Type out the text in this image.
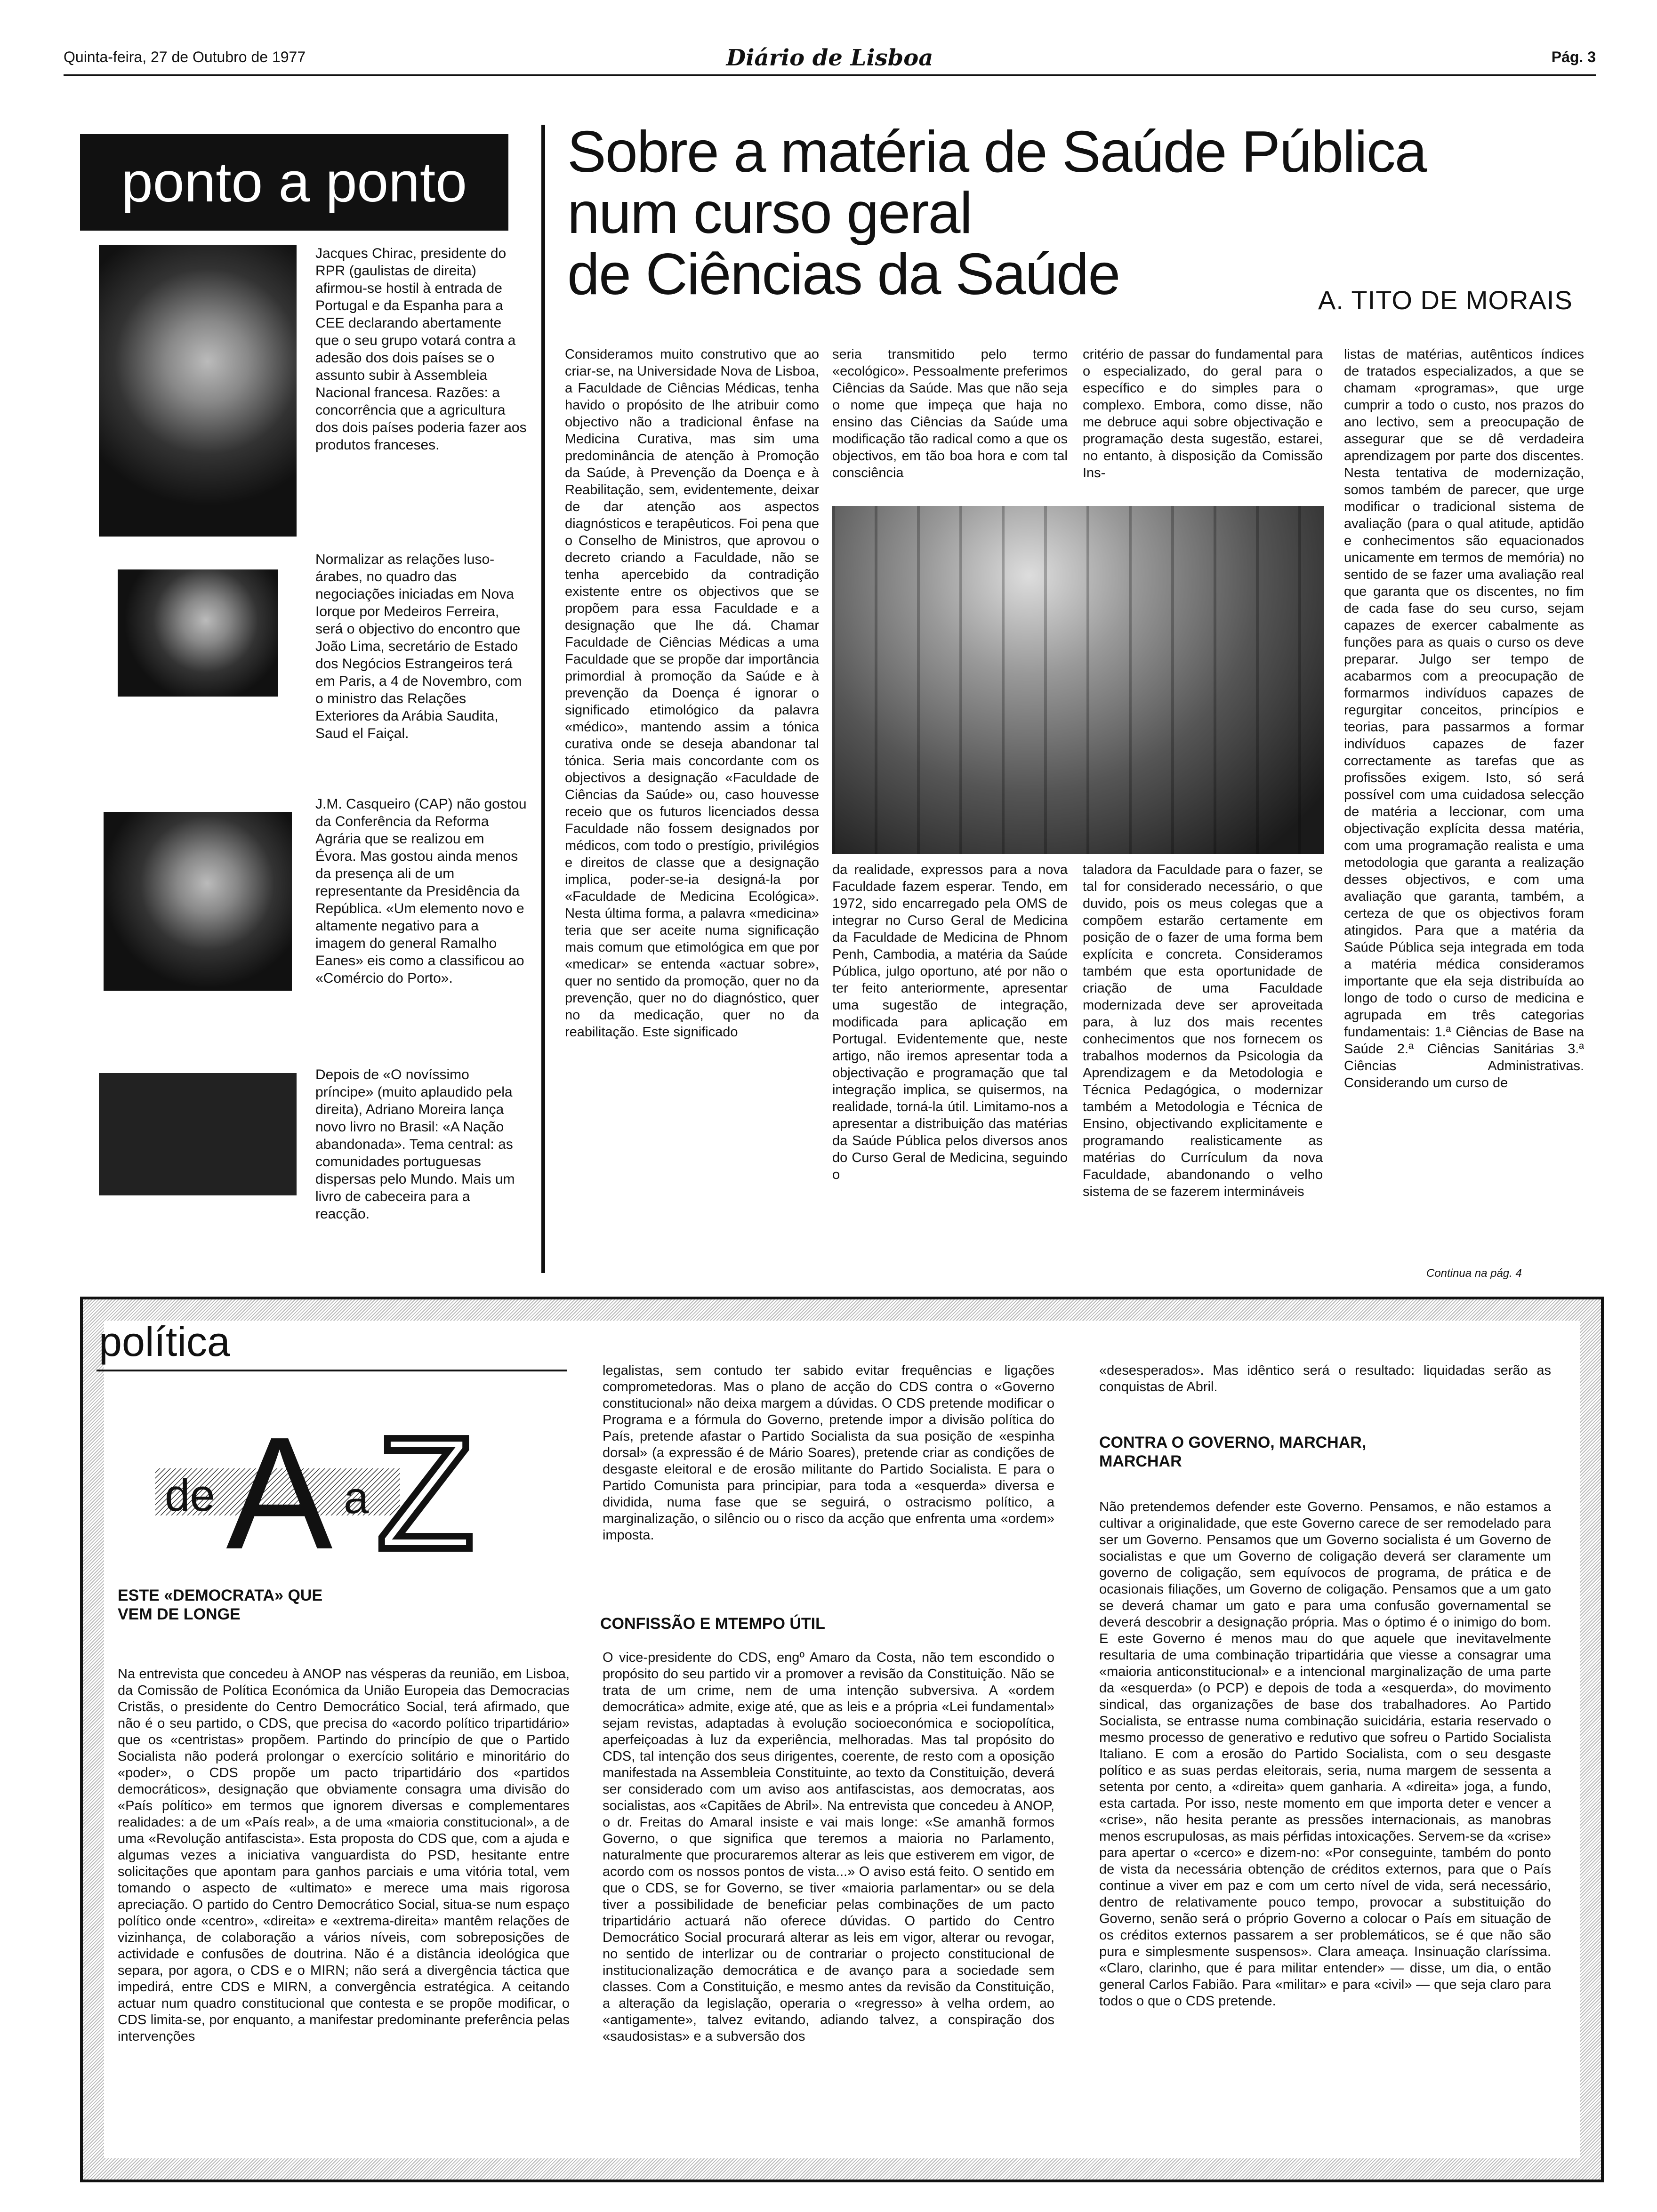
Quinta-feira, 27 de Outubro de 1977	Diário de Lisboa	Pág. 3
ponto a ponto
Jacques Chirac, presidente do RPR (gaulistas de direita) afirmou-se hostil à entrada de Portugal e da Espanha para a CEE declarando abertamente que o seu grupo votará contra a adesão dos dois países se o assunto subir à Assembleia Nacional francesa. Razões: a concorrência que a agricultura dos dois países poderia fazer aos produtos franceses.
Normalizar as relações luso-árabes, no quadro das negociações iniciadas em Nova Iorque por Medeiros Ferreira, será o objectivo do encontro que João Lima, secretário de Estado dos Negócios Estrangeiros terá em Paris, a 4 de Novembro, com o ministro das Relações Exteriores da Arábia Saudita, Saud el Faiçal.
J.M. Casqueiro (CAP) não gostou da Conferência da Reforma Agrária que se realizou em Évora. Mas gostou ainda menos da presença ali de um representante da Presidência da República. «Um elemento novo e altamente negativo para a imagem do general Ramalho Eanes» eis como a classificou ao «Comércio do Porto».
Depois de «O novíssimo príncipe» (muito aplaudido pela direita), Adriano Moreira lança novo livro no Brasil: «A Nação abandonada». Tema central: as comunidades portuguesas dispersas pelo Mundo. Mais um livro de cabeceira para a reacção.
Sobre a matéria de Saúde Pública
num curso geral
de Ciências da Saúde	A. TITO DE MORAIS
Consideramos muito construtivo que ao criar-se, na Universidade Nova de Lisboa, a Faculdade de Ciências Médicas, tenha havido o propósito de lhe atribuir como objectivo não a tradicional ênfase na Medicina Curativa, mas sim uma predominância de atenção à Promoção da Saúde, à Prevenção da Doença e à Reabilitação, sem, evidentemente, deixar de dar atenção aos aspectos diagnósticos e terapêuticos. Foi pena que o Conselho de Ministros, que aprovou o decreto criando a Faculdade, não se tenha apercebido da contradição existente entre os objectivos que se propõem para essa Faculdade e a designação que lhe dá. Chamar Faculdade de Ciências Médicas a uma Faculdade que se propõe dar importância primordial à promoção da Saúde e à prevenção da Doença é ignorar o significado etimológico da palavra «médico», mantendo assim a tónica curativa onde se deseja abandonar tal tónica. Seria mais concordante com os objectivos a designação «Faculdade de Ciências da Saúde» ou, caso houvesse receio que os futuros licenciados dessa Faculdade não fossem designados por médicos, com todo o prestígio, privilégios e direitos de classe que a designação implica, poder-se-ia designá-la por «Faculdade de Medicina Ecológica». Nesta última forma, a palavra «medicina» teria que ser aceite numa significação mais comum que etimológica em que por «medicar» se entenda «actuar sobre», quer no sentido da promoção, quer no da prevenção, quer no do diagnóstico, quer no da medicação, quer no da reabilitação. Este significado
seria transmitido pelo termo «ecológico». Pessoalmente preferimos Ciências da Saúde. Mas que não seja o nome que impeça que haja no ensino das Ciências da Saúde uma modificação tão radical como a que os objectivos, em tão boa hora e com tal consciência
critério de passar do fundamental para o especializado, do geral para o específico e do simples para o complexo. Embora, como disse, não me debruce aqui sobre objectivação e programação desta sugestão, estarei, no entanto, à disposição da Comissão Ins-
da realidade, expressos para a nova Faculdade fazem esperar. Tendo, em 1972, sido encarregado pela OMS de integrar no Curso Geral de Medicina da Faculdade de Medicina de Phnom Penh, Cambodia, a matéria da Saúde Pública, julgo oportuno, até por não o ter feito anteriormente, apresentar uma sugestão de integração, modificada para aplicação em Portugal. Evidentemente que, neste artigo, não iremos apresentar toda a objectivação e programação que tal integração implica, se quisermos, na realidade, torná-la útil. Limitamo-nos a apresentar a distribuição das matérias da Saúde Pública pelos diversos anos do Curso Geral de Medicina, seguindo o
taladora da Faculdade para o fazer, se tal for considerado necessário, o que duvido, pois os meus colegas que a compõem estarão certamente em posição de o fazer de uma forma bem explícita e concreta. Consideramos também que esta oportunidade de criação de uma Faculdade modernizada deve ser aproveitada para, à luz dos mais recentes conhecimentos que nos fornecem os trabalhos modernos da Psicologia da Aprendizagem e da Metodologia e Técnica Pedagógica, o modernizar também a Metodologia e Técnica de Ensino, objectivando explicitamente e programando realisticamente as matérias do Currículum da nova Faculdade, abandonando o velho sistema de se fazerem intermináveis
listas de matérias, autênticos índices de tratados especializados, a que se chamam «programas», que urge cumprir a todo o custo, nos prazos do ano lectivo, sem a preocupação de assegurar que se dê verdadeira aprendizagem por parte dos discentes. Nesta tentativa de modernização, somos também de parecer, que urge modificar o tradicional sistema de avaliação (para o qual atitude, aptidão e conhecimentos são equacionados unicamente em termos de memória) no sentido de se fazer uma avaliação real que garanta que os discentes, no fim de cada fase do seu curso, sejam capazes de exercer cabalmente as funções para as quais o curso os deve preparar. Julgo ser tempo de acabarmos com a preocupação de formarmos indivíduos capazes de regurgitar conceitos, princípios e teorias, para passarmos a formar indivíduos capazes de fazer correctamente as tarefas que as profissões exigem. Isto, só será possível com uma cuidadosa selecção de matéria a leccionar, com uma objectivação explícita dessa matéria, com uma programação realista e uma metodologia que garanta a realização desses objectivos, e com uma avaliação que garanta, também, a certeza de que os objectivos foram atingidos. Para que a matéria da Saúde Pública seja integrada em toda a matéria médica consideramos importante que ela seja distribuída ao longo de todo o curso de medicina e agrupada em três categorias fundamentais: 1.ª Ciências de Base na Saúde 2.ª Ciências Sanitárias 3.ª Ciências Administrativas. Considerando um curso de
Continua na pág. 4
política
de A a Z
ESTE «DEMOCRATA» QUE VEM DE LONGE
Na entrevista que concedeu à ANOP nas vésperas da reunião, em Lisboa, da Comissão de Política Económica da União Europeia das Democracias Cristãs, o presidente do Centro Democrático Social, terá afirmado, que não é o seu partido, o CDS, que precisa do «acordo político tripartidário» que os «centristas» propõem. Partindo do princípio de que o Partido Socialista não poderá prolongar o exercício solitário e minoritário do «poder», o CDS propõe um pacto tripartidário dos «partidos democráticos», designação que obviamente consagra uma divisão do «País político» em termos que ignorem diversas e complementares realidades: a de um «País real», a de uma «maioria constitucional», a de uma «Revolução antifascista». Esta proposta do CDS que, com a ajuda e algumas vezes a iniciativa vanguardista do PSD, hesitante entre solicitações que apontam para ganhos parciais e uma vitória total, vem tomando o aspecto de «ultimato» e merece uma mais rigorosa apreciação. O partido do Centro Democrático Social, situa-se num espaço político onde «centro», «direita» e «extrema-direita» mantêm relações de vizinhança, de colaboração a vários níveis, com sobreposições de actividade e confusões de doutrina. Não é a distância ideológica que separa, por agora, o CDS e o MIRN; não será a divergência táctica que impedirá, entre CDS e MIRN, a convergência estratégica. A ceitando actuar num quadro constitucional que contesta e se propõe modificar, o CDS limita-se, por enquanto, a manifestar predominante preferência pelas intervenções
legalistas, sem contudo ter sabido evitar frequências e ligações comprometedoras. Mas o plano de acção do CDS contra o «Governo constitucional» não deixa margem a dúvidas. O CDS pretende modificar o Programa e a fórmula do Governo, pretende impor a divisão política do País, pretende afastar o Partido Socialista da sua posição de «espinha dorsal» (a expressão é de Mário Soares), pretende criar as condições de desgaste eleitoral e de erosão militante do Partido Socialista. E para o Partido Comunista para principiar, para toda a «esquerda» diversa e dividida, numa fase que se seguirá, o ostracismo político, a marginalização, o silêncio ou o risco da acção que enfrenta uma «ordem» imposta.
CONFISSÃO E MTEMPO ÚTIL
O vice-presidente do CDS, engº Amaro da Costa, não tem escondido o propósito do seu partido vir a promover a revisão da Constituição. Não se trata de um crime, nem de uma intenção subversiva. A «ordem democrática» admite, exige até, que as leis e a própria «Lei fundamental» sejam revistas, adaptadas à evolução socioeconómica e sociopolítica, aperfeiçoadas à luz da experiência, melhoradas. Mas tal propósito do CDS, tal intenção dos seus dirigentes, coerente, de resto com a oposição manifestada na Assembleia Constituinte, ao texto da Constituição, deverá ser considerado com um aviso aos antifascistas, aos democratas, aos socialistas, aos «Capitães de Abril». Na entrevista que concedeu à ANOP, o dr. Freitas do Amaral insiste e vai mais longe: «Se amanhã formos Governo, o que significa que teremos a maioria no Parlamento, naturalmente que procuraremos alterar as leis que estiverem em vigor, de acordo com os nossos pontos de vista...» O aviso está feito. O sentido em que o CDS, se for Governo, se tiver «maioria parlamentar» ou se dela tiver a possibilidade de beneficiar pelas combinações de um pacto tripartidário actuará não oferece dúvidas. O partido do Centro Democrático Social procurará alterar as leis em vigor, alterar ou revogar, no sentido de interlizar ou de contrariar o projecto constitucional de institucionalização democrática e de avanço para a sociedade sem classes. Com a Constituição, e mesmo antes da revisão da Constituição, a alteração da legislação, operaria o «regresso» à velha ordem, ao «antigamente», talvez evitando, adiando talvez, a conspiração dos «saudosistas» e a subversão dos
«desesperados». Mas idêntico será o resultado: liquidadas serão as conquistas de Abril.
CONTRA O GOVERNO, MARCHAR, MARCHAR
Não pretendemos defender este Governo. Pensamos, e não estamos a cultivar a originalidade, que este Governo carece de ser remodelado para ser um Governo. Pensamos que um Governo socialista é um Governo de socialistas e que um Governo de coligação deverá ser claramente um governo de coligação, sem equívocos de programa, de prática e de ocasionais filiações, um Governo de coligação. Pensamos que a um gato se deverá chamar um gato e para uma confusão governamental se deverá descobrir a designação própria. Mas o óptimo é o inimigo do bom. E este Governo é menos mau do que aquele que inevitavelmente resultaria de uma combinação tripartidária que viesse a consagrar uma «maioria anticonstitucional» e a intencional marginalização de uma parte da «esquerda» (o PCP) e depois de toda a «esquerda», do movimento sindical, das organizações de base dos trabalhadores. Ao Partido Socialista, se entrasse numa combinação suicidária, estaria reservado o mesmo processo de generativo e redutivo que sofreu o Partido Socialista Italiano. E com a erosão do Partido Socialista, com o seu desgaste político e as suas perdas eleitorais, seria, numa margem de sessenta a setenta por cento, a «direita» quem ganharia. A «direita» joga, a fundo, esta cartada. Por isso, neste momento em que importa deter e vencer a «crise», não hesita perante as pressões internacionais, as manobras menos escrupulosas, as mais pérfidas intoxicações. Servem-se da «crise» para apertar o «cerco» e dizem-no: «Por conseguinte, também do ponto de vista da necessária obtenção de créditos externos, para que o País continue a viver em paz e com um certo nível de vida, será necessário, dentro de relativamente pouco tempo, provocar a substituição do Governo, senão será o próprio Governo a colocar o País em situação de os créditos externos passarem a ser problemáticos, se é que não são pura e simplesmente suspensos». Clara ameaça. Insinuação claríssima. «Claro, clarinho, que é para militar entender» — disse, um dia, o então general Carlos Fabião. Para «militar» e para «civil» — que seja claro para todos o que o CDS pretende.
